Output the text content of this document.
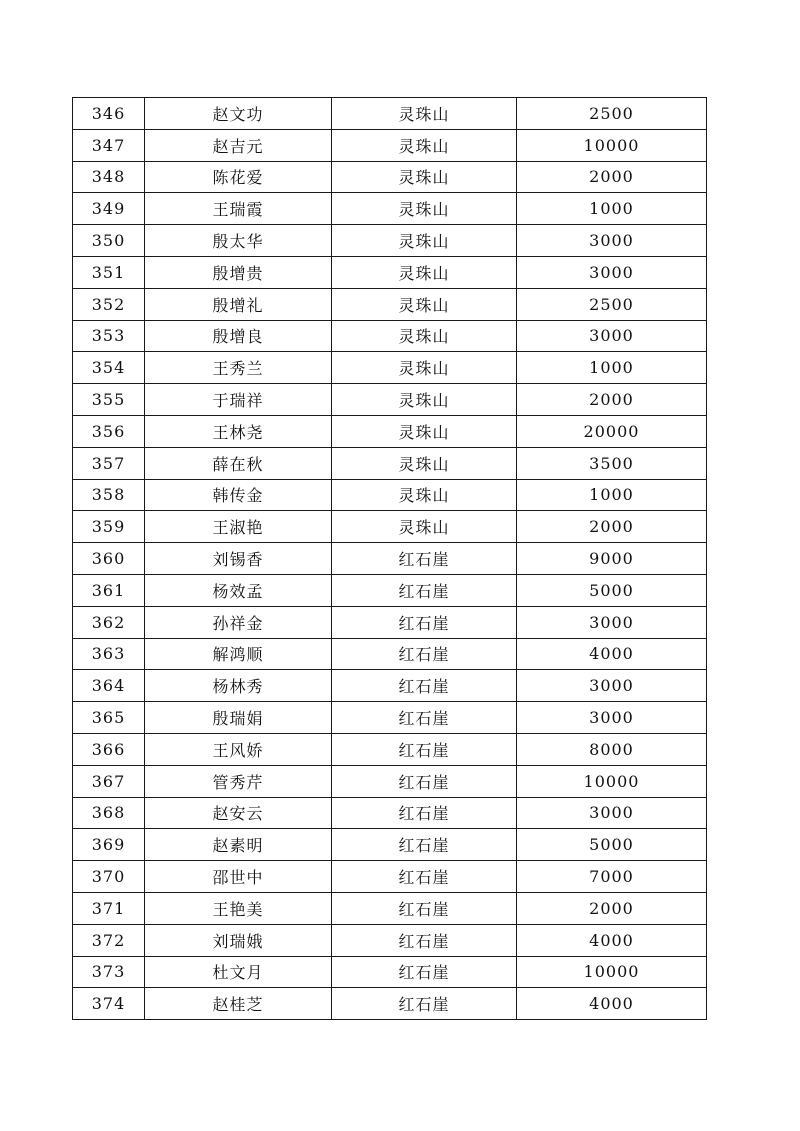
346	赵文功	灵珠山	2500
347	赵吉元	灵珠山	10000
348	陈花爱	灵珠山	2000
349	王瑞霞	灵珠山	1000
350	殷太华	灵珠山	3000
351	殷增贵	灵珠山	3000
352	殷增礼	灵珠山	2500
353	殷增良	灵珠山	3000
354	王秀兰	灵珠山	1000
355	于瑞祥	灵珠山	2000
356	王林尧	灵珠山	20000
357	薛在秋	灵珠山	3500
358	韩传金	灵珠山	1000
359	王淑艳	灵珠山	2000
360	刘锡香	红石崖	9000
361	杨效孟	红石崖	5000
362	孙祥金	红石崖	3000
363	解鸿顺	红石崖	4000
364	杨林秀	红石崖	3000
365	殷瑞娟	红石崖	3000
366	王风娇	红石崖	8000
367	管秀芹	红石崖	10000
368	赵安云	红石崖	3000
369	赵素明	红石崖	5000
370	邵世中	红石崖	7000
371	王艳美	红石崖	2000
372	刘瑞娥	红石崖	4000
373	杜文月	红石崖	10000
374	赵桂芝	红石崖	4000
